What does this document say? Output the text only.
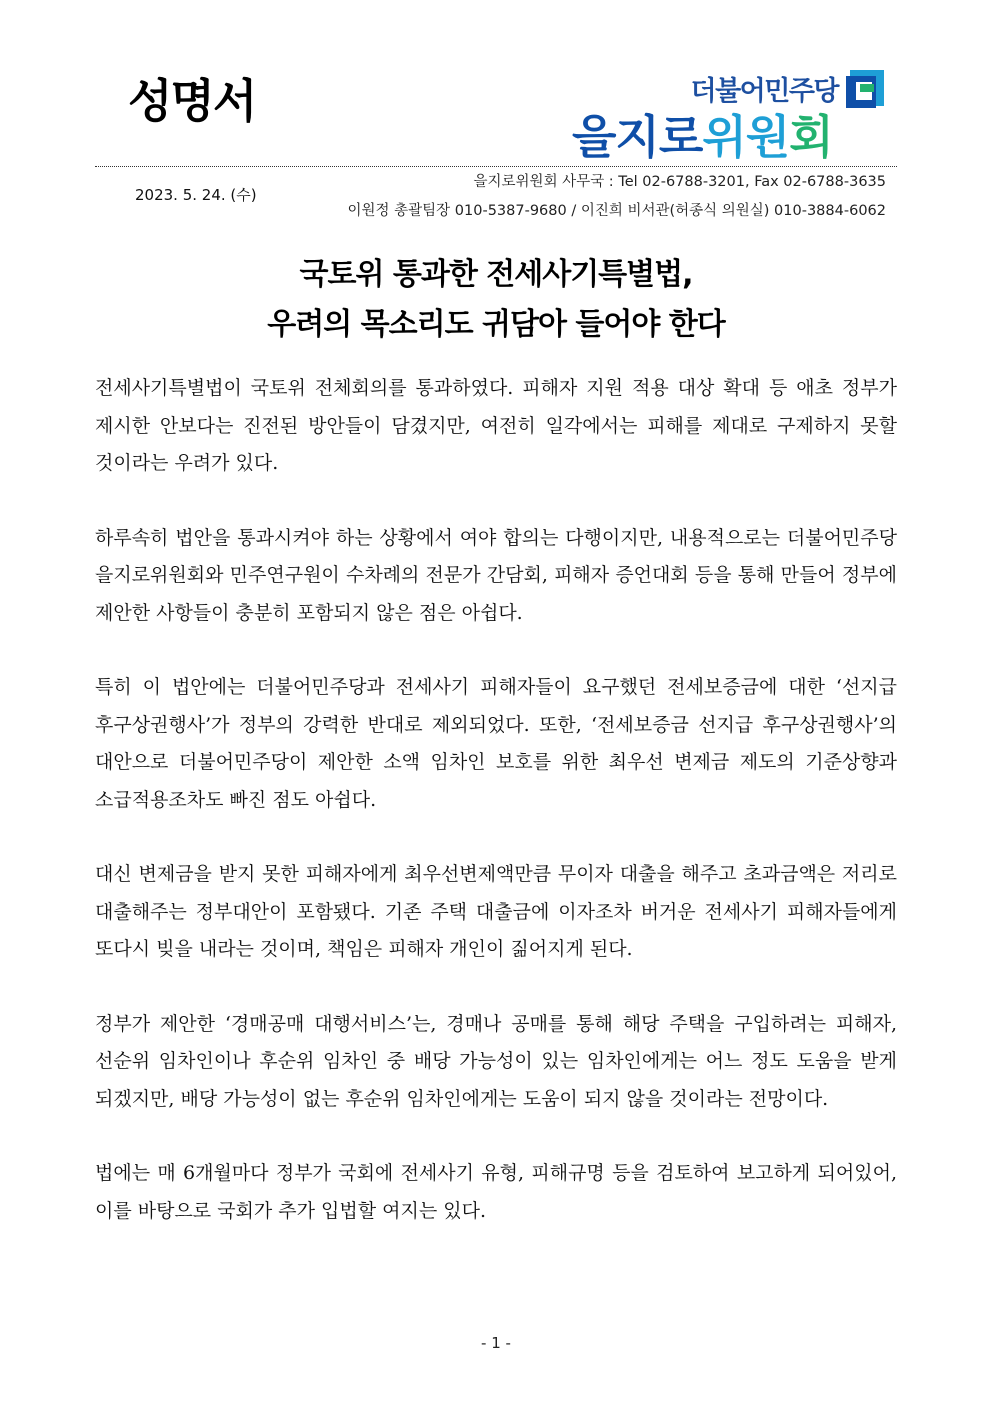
성명서	더불어민주당
을지로위원회
2023. 5. 24. (수)
을지로위원회 사무국 : Tel 02-6788-3201, Fax 02-6788-3635
이원정 총괄팀장 010-5387-9680 / 이진희 비서관(허종식 의원실) 010-3884-6062
국토위 통과한 전세사기특별법,
우려의 목소리도 귀담아 들어야 한다

전세사기특별법이 국토위 전체회의를 통과하였다. 피해자 지원 적용 대상 확대 등 애초 정부가 제시한 안보다는 진전된 방안들이 담겼지만, 여전히 일각에서는 피해를 제대로 구제하지 못할 것이라는 우려가 있다.

하루속히 법안을 통과시켜야 하는 상황에서 여야 합의는 다행이지만, 내용적으로는 더불어민주당 을지로위원회와 민주연구원이 수차례의 전문가 간담회, 피해자 증언대회 등을 통해 만들어 정부에 제안한 사항들이 충분히 포함되지 않은 점은 아쉽다.

특히 이 법안에는 더불어민주당과 전세사기 피해자들이 요구했던 전세보증금에 대한 ‘선지급 후구상권행사’가 정부의 강력한 반대로 제외되었다. 또한, ‘전세보증금 선지급 후구상권행사’의 대안으로 더불어민주당이 제안한 소액 임차인 보호를 위한 최우선 변제금 제도의 기준상향과 소급적용조차도 빠진 점도 아쉽다.

대신 변제금을 받지 못한 피해자에게 최우선변제액만큼 무이자 대출을 해주고 초과금액은 저리로 대출해주는 정부대안이 포함됐다. 기존 주택 대출금에 이자조차 버거운 전세사기 피해자들에게 또다시 빚을 내라는 것이며, 책임은 피해자 개인이 짊어지게 된다.

정부가 제안한 ‘경매공매 대행서비스’는, 경매나 공매를 통해 해당 주택을 구입하려는 피해자, 선순위 임차인이나 후순위 임차인 중 배당 가능성이 있는 임차인에게는 어느 정도 도움을 받게 되겠지만, 배당 가능성이 없는 후순위 임차인에게는 도움이 되지 않을 것이라는 전망이다.

법에는 매 6개월마다 정부가 국회에 전세사기 유형, 피해규명 등을 검토하여 보고하게 되어있어, 이를 바탕으로 국회가 추가 입법할 여지는 있다.

- 1 -
